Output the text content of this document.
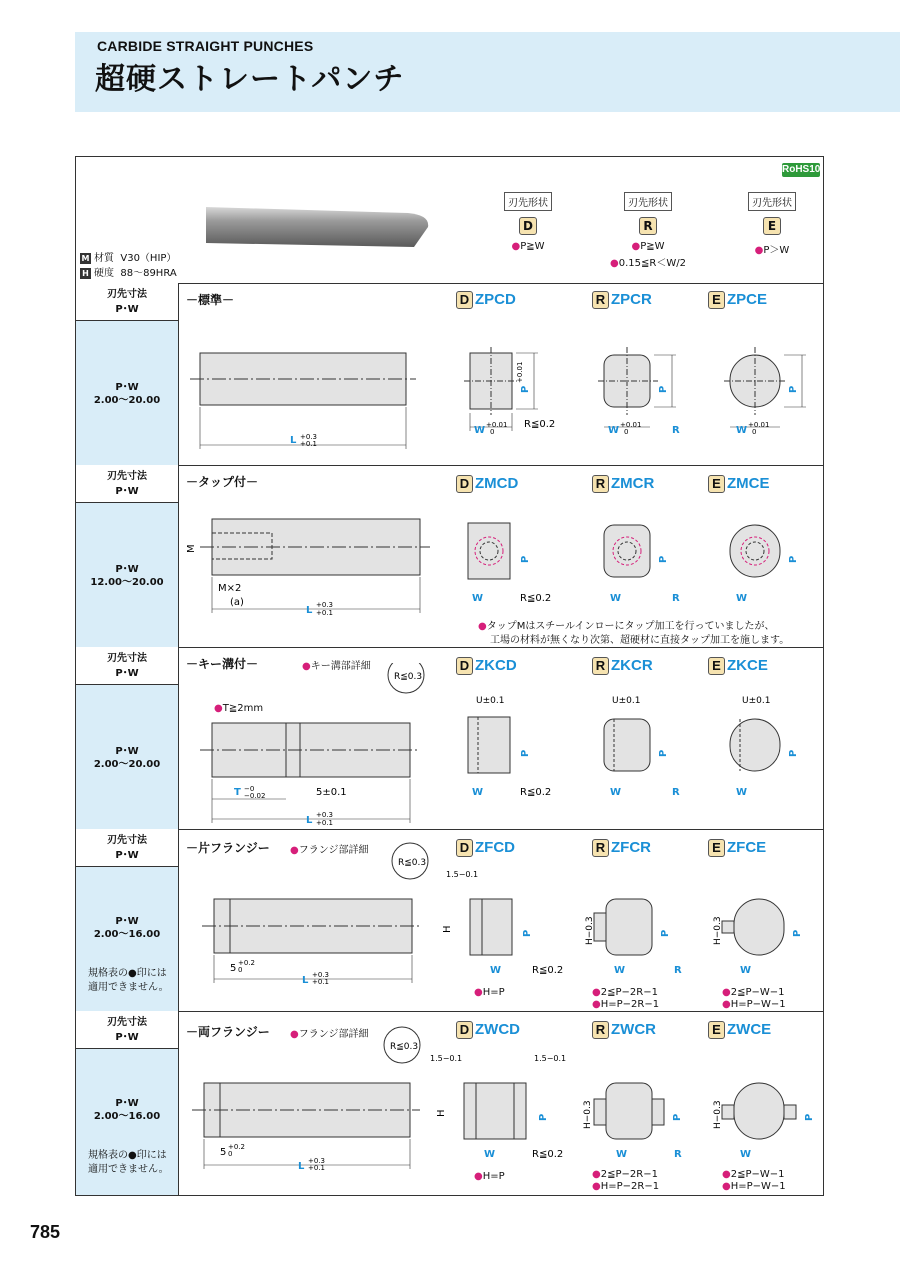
CARBIDE STRAIGHT PUNCHES
超硬ストレートパンチ
RoHS10
M 材質 V30（HIP）
H 硬度 88～89HRA
刃先形状
D
●P≧W
刃先形状
R
●P≧W
●0.15≦R＜W/2
刃先形状
E
●P＞W
刃先寸法
P･W
P･W
2.00～20.00
－標準－	D ZPCD	R ZPCR	E ZPCE
L +0.3
+0.1
W +0.01
0
P
+0.01
R≦0.2
W +0.01
0
P
R	W +0.01
0
P
刃先寸法
P･W
P･W
12.00～20.00
－タップ付－	D ZMCD	R ZMCR	E ZMCE
M
M×2
(a)
L +0.3
+0.1
P
W	R≦0.2
P
W	R
P
W
●タップMはスチールインローにタップ加工を行っていましたが、
工場の材料が無くなり次第、超硬材に直接タップ加工を施します。
刃先寸法
P･W
P･W
2.00～20.00
－キー溝付－	●キー溝部詳細
●T≧2mm
D ZKCD	R ZKCR	E ZKCE
R≦0.3
T −0
−0.02	5±0.1
L +0.3
+0.1
U±0.1
P
W	R≦0.2
U±0.1
P
W	R
U±0.1
P
W
刃先寸法
P･W
P･W
2.00～16.00
規格表の●印には
適用できません。
－片フランジー ●フランジ部詳細	D ZFCD	R ZFCR	E ZFCE
R≦0.3
5 +0.2
0
L +0.3
+0.1
1.5−0.1
H
P
W	R≦0.2
H−0.3	P
W	R
H−0.3	P
W
●H=P	●2≦P−2R−1
●H=P−2R−1
●2≦P−W−1
●H=P−W−1
刃先寸法
P･W
P･W
2.00～16.00
規格表の●印には
適用できません。
－両フランジー ●フランジ部詳細	D ZWCD	R ZWCR	E ZWCE
R≦0.3
5 +0.2
0
L +0.3
+0.1
1.5−0.1	1.5−0.1
H
P
W	R≦0.2
H−0.3	P
W	R
H−0.3	P
W
●H=P	●2≦P−2R−1
●H=P−2R−1
●2≦P−W−1
●H=P−W−1
785
